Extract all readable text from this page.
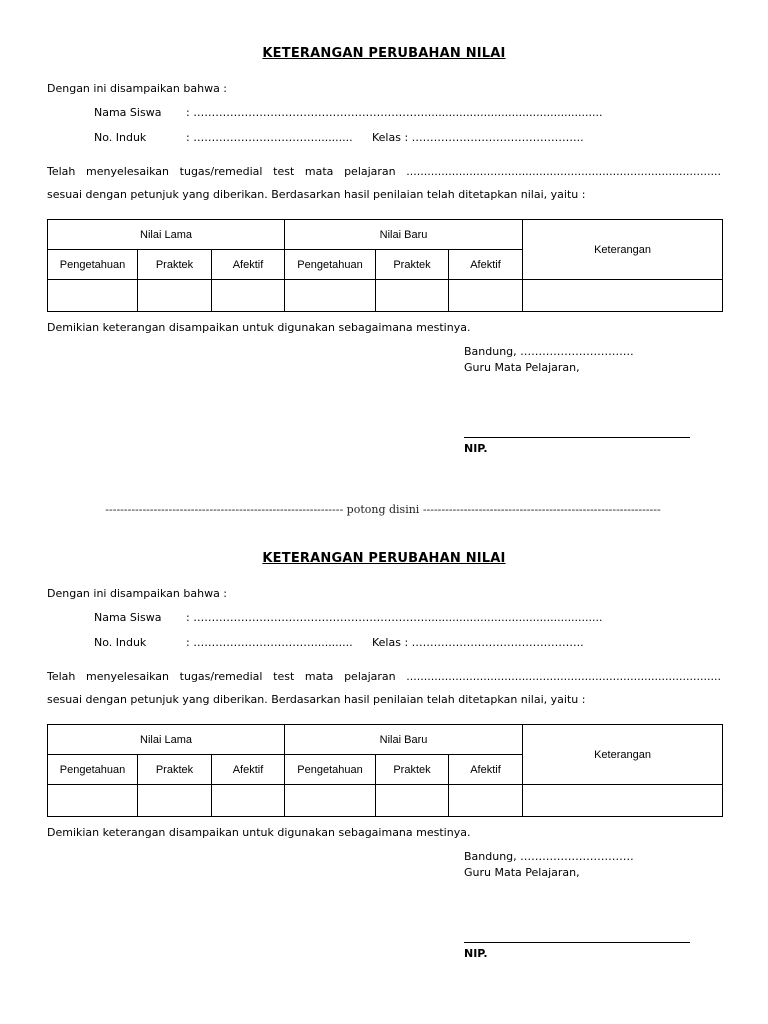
KETERANGAN PERUBAHAN NILAI
Dengan ini disampaikan bahwa :
Nama Siswa : ………………………………………………………...................................................
No. Induk	: ……………………………........... Kelas : ………………………………………..
Telah menyelesaikan tugas/remedial test mata pelajaran ..........................................................................................
sesuai dengan petunjuk yang diberikan. Berdasarkan hasil penilaian telah ditetapkan nilai, yaitu :
Nilai Lama			Nilai Baru			Keterangan
Pengetahuan	Praktek	Afektif	Pengetahuan	Praktek	Afektif	

Demikian keterangan disampaikan untuk digunakan sebagaimana mestinya.
Bandung, ………………………….
Guru Mata Pelajaran,
NIP.
---------------------------------------------------------------- potong disini ----------------------------------------------------------------
KETERANGAN PERUBAHAN NILAI
Dengan ini disampaikan bahwa :
Nama Siswa : ………………………………………………………...................................................
No. Induk	: ……………………………........... Kelas : ………………………………………..
Telah menyelesaikan tugas/remedial test mata pelajaran ..........................................................................................
sesuai dengan petunjuk yang diberikan. Berdasarkan hasil penilaian telah ditetapkan nilai, yaitu :
Nilai Lama			Nilai Baru			Keterangan
Pengetahuan	Praktek	Afektif	Pengetahuan	Praktek	Afektif	

Demikian keterangan disampaikan untuk digunakan sebagaimana mestinya.
Bandung, ………………………….
Guru Mata Pelajaran,
NIP.
